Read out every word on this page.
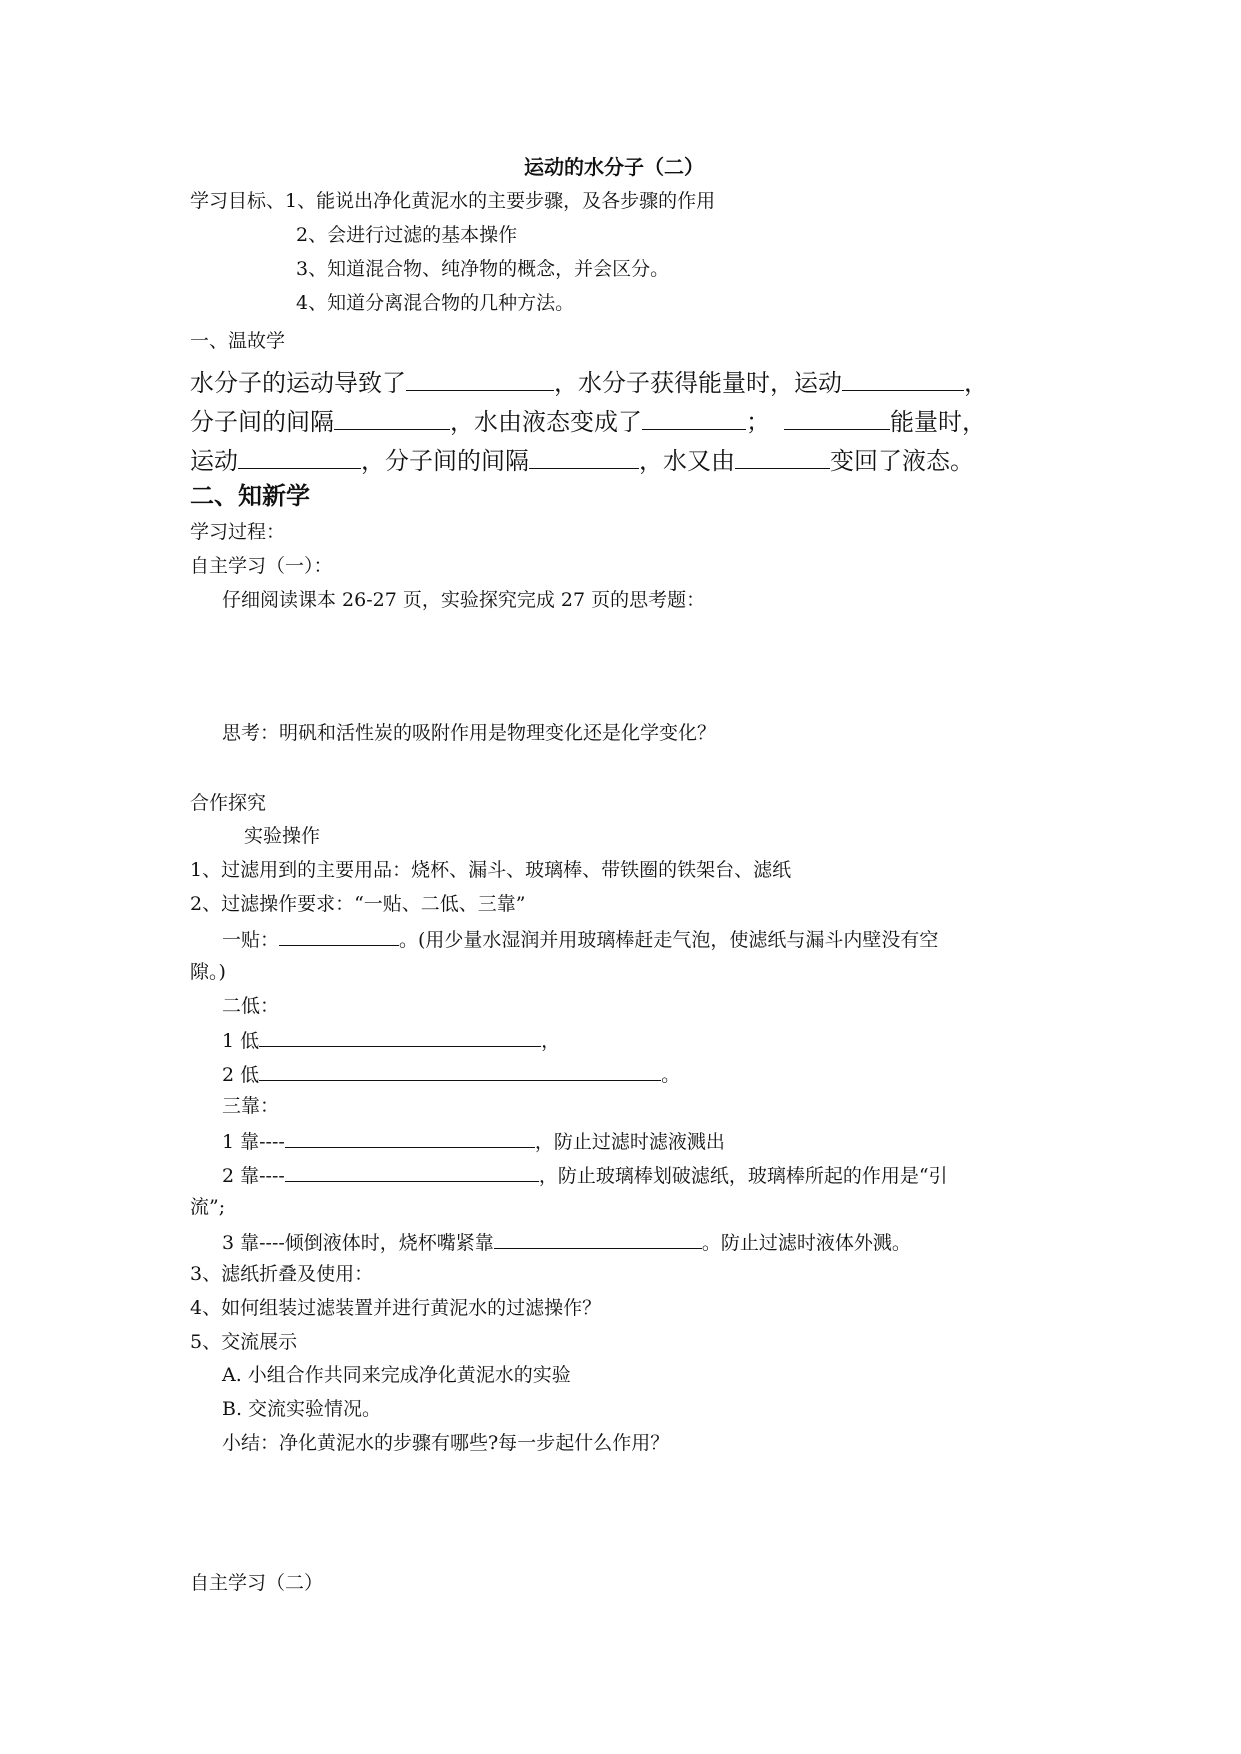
运动的水分子（二）
学习目标、1、能说出净化黄泥水的主要步骤，及各步骤的作用
2、会进行过滤的基本操作
3、知道混合物、纯净物的概念，并会区分。
4、知道分离混合物的几种方法。
一、温故学
水分子的运动导致了	，水分子获得能量时，运动	，
分子间的间隔	，水由液态变成了	；	能量时，
运动	，分子间的间隔	，水又由	变回了液态。
二、知新学
学习过程：
自主学习（一）：
仔细阅读课本 26-27 页，实验探究完成 27 页的思考题：
思考：明矾和活性炭的吸附作用是物理变化还是化学变化？
合作探究
实验操作
1、过滤用到的主要用品：烧杯、漏斗、玻璃棒、带铁圈的铁架台、滤纸
2、过滤操作要求：“一贴、二低、三靠”
一贴：	。(用少量水湿润并用玻璃棒赶走气泡，使滤纸与漏斗内壁没有空
隙。)
二低：
1 低	，
2 低	。
三靠：
1 靠----	，防止过滤时滤液溅出
2 靠----	，防止玻璃棒划破滤纸，玻璃棒所起的作用是“引
流”;
3 靠----倾倒液体时，烧杯嘴紧靠	。防止过滤时液体外溅。
3、滤纸折叠及使用：
4、如何组装过滤装置并进行黄泥水的过滤操作？
5、交流展示
A. 小组合作共同来完成净化黄泥水的实验
B. 交流实验情况。
小结：净化黄泥水的步骤有哪些?每一步起什么作用？
自主学习（二）
